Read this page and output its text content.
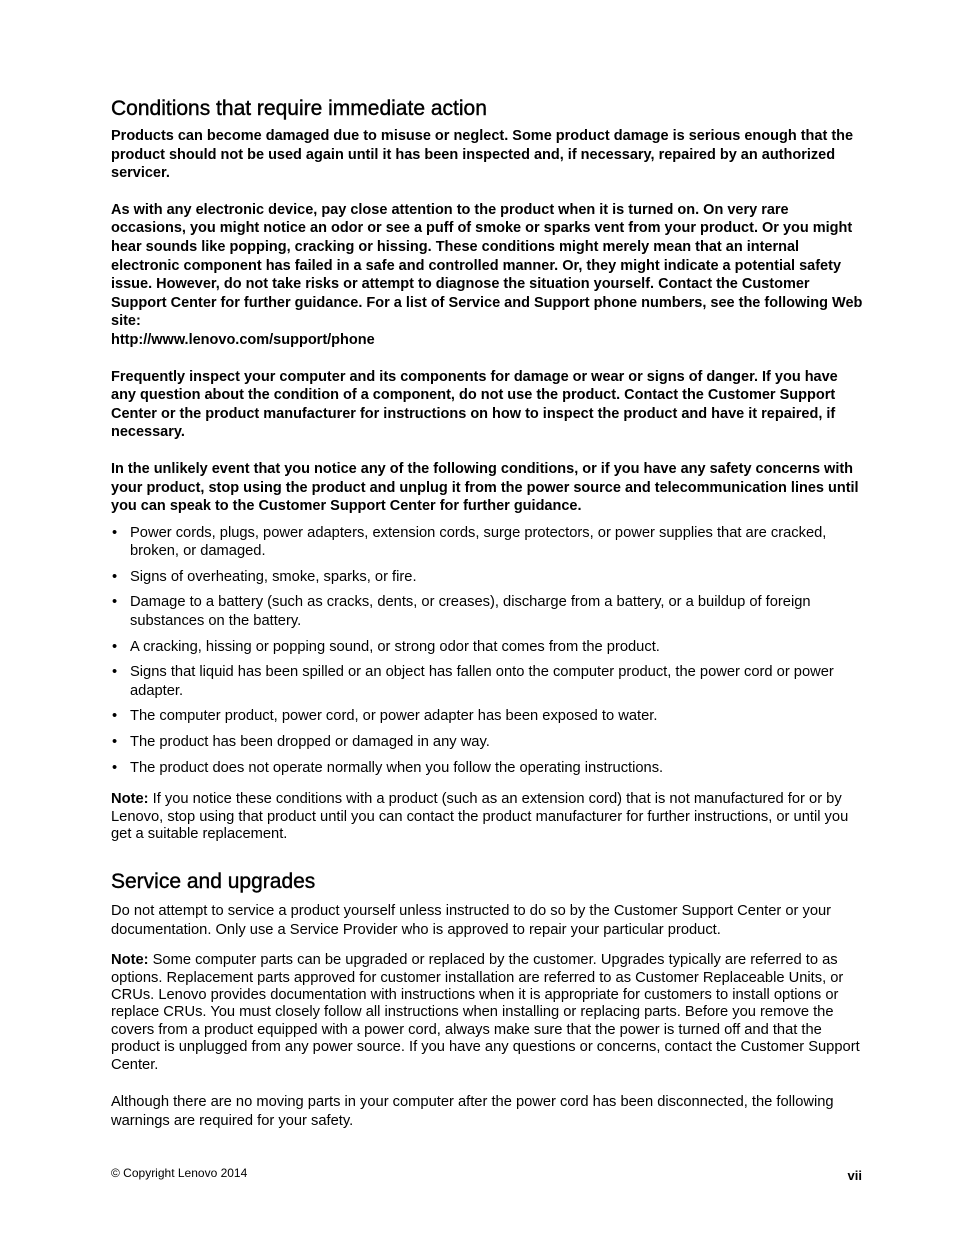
Conditions that require immediate action

Products can become damaged due to misuse or neglect. Some product damage is serious enough that the product should not be used again until it has been inspected and, if necessary, repaired by an authorized servicer.

As with any electronic device, pay close attention to the product when it is turned on. On very rare occasions, you might notice an odor or see a puff of smoke or sparks vent from your product. Or you might hear sounds like popping, cracking or hissing. These conditions might merely mean that an internal electronic component has failed in a safe and controlled manner. Or, they might indicate a potential safety issue. However, do not take risks or attempt to diagnose the situation yourself. Contact the Customer Support Center for further guidance. For a list of Service and Support phone numbers, see the following Web site:

http://www.lenovo.com/support/phone

Frequently inspect your computer and its components for damage or wear or signs of danger. If you have any question about the condition of a component, do not use the product. Contact the Customer Support Center or the product manufacturer for instructions on how to inspect the product and have it repaired, if necessary.

In the unlikely event that you notice any of the following conditions, or if you have any safety concerns with your product, stop using the product and unplug it from the power source and telecommunication lines until you can speak to the Customer Support Center for further guidance.

• Power cords, plugs, power adapters, extension cords, surge protectors, or power supplies that are cracked, broken, or damaged.
• Signs of overheating, smoke, sparks, or fire.
• Damage to a battery (such as cracks, dents, or creases), discharge from a battery, or a buildup of foreign substances on the battery.
• A cracking, hissing or popping sound, or strong odor that comes from the product.
• Signs that liquid has been spilled or an object has fallen onto the computer product, the power cord or power adapter.
• The computer product, power cord, or power adapter has been exposed to water.
• The product has been dropped or damaged in any way.
• The product does not operate normally when you follow the operating instructions.

Note: If you notice these conditions with a product (such as an extension cord) that is not manufactured for or by Lenovo, stop using that product until you can contact the product manufacturer for further instructions, or until you get a suitable replacement.

Service and upgrades

Do not attempt to service a product yourself unless instructed to do so by the Customer Support Center or your documentation. Only use a Service Provider who is approved to repair your particular product.

Note: Some computer parts can be upgraded or replaced by the customer. Upgrades typically are referred to as options. Replacement parts approved for customer installation are referred to as Customer Replaceable Units, or CRUs. Lenovo provides documentation with instructions when it is appropriate for customers to install options or replace CRUs. You must closely follow all instructions when installing or replacing parts. Before you remove the covers from a product equipped with a power cord, always make sure that the power is turned off and that the product is unplugged from any power source. If you have any questions or concerns, contact the Customer Support Center.

Although there are no moving parts in your computer after the power cord has been disconnected, the following warnings are required for your safety.

© Copyright Lenovo 2014	vii
